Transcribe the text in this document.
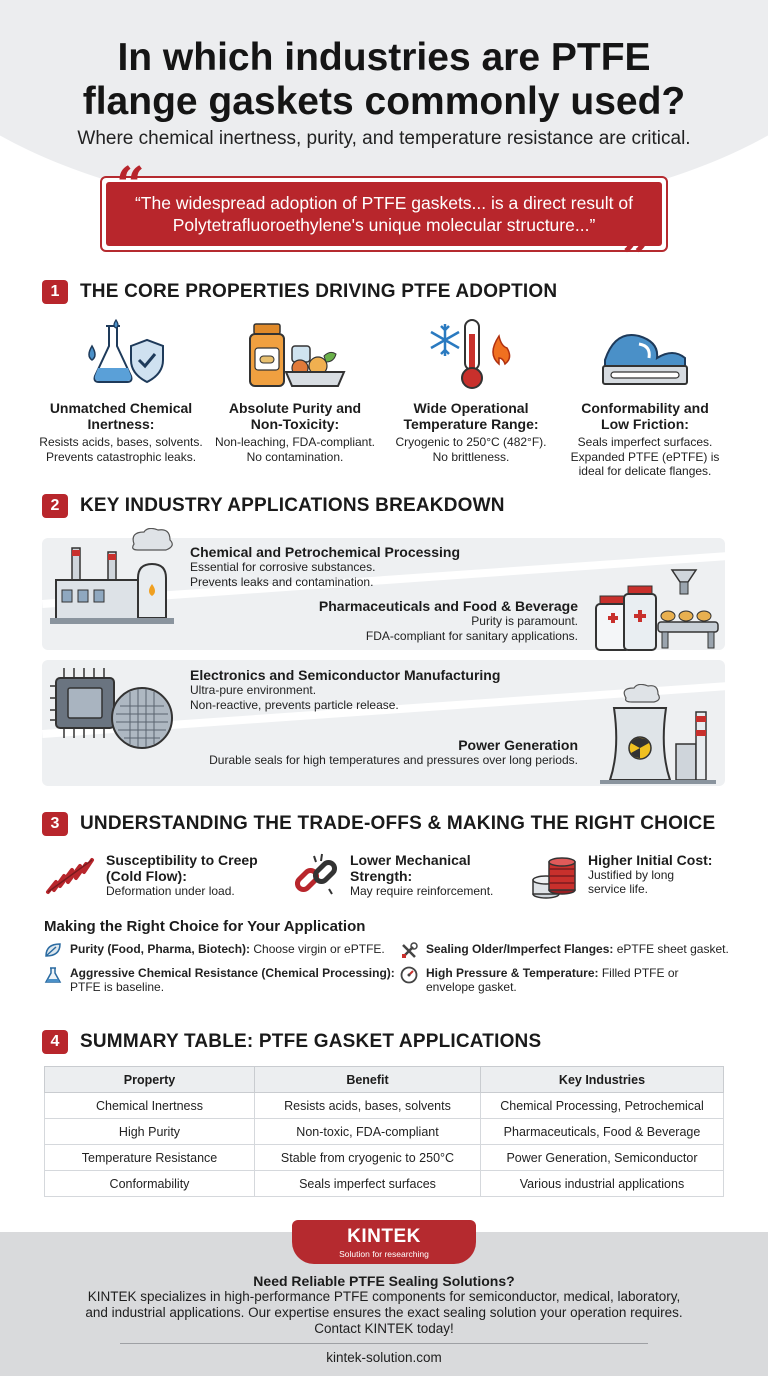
In which industries are PTFE
flange gaskets commonly used?
Where chemical inertness, purity, and temperature resistance are critical.
“The widespread adoption of PTFE gaskets... is a direct result of
Polytetrafluoroethylene's unique molecular structure...”
“
”
1	THE CORE PROPERTIES DRIVING PTFE ADOPTION
Unmatched Chemical
Inertness:
Resists acids, bases, solvents.
Prevents catastrophic leaks.
Absolute Purity and
Non-Toxicity:
Non-leaching, FDA-compliant.
No contamination.
Wide Operational
Temperature Range:
Cryogenic to 250°C (482°F).
No brittleness.
Conformability and
Low Friction:
Seals imperfect surfaces.
Expanded PTFE (ePTFE) is
ideal for delicate flanges.
2	KEY INDUSTRY APPLICATIONS BREAKDOWN
Chemical and Petrochemical Processing
Essential for corrosive substances.
Prevents leaks and contamination.
Pharmaceuticals and Food & Beverage
Purity is paramount.
FDA-compliant for sanitary applications.
Electronics and Semiconductor Manufacturing
Ultra-pure environment.
Non-reactive, prevents particle release.
Power Generation
Durable seals for high temperatures and pressures over long periods.
3	UNDERSTANDING THE TRADE-OFFS & MAKING THE RIGHT CHOICE
Susceptibility to Creep
(Cold Flow):
Deformation under load.
Lower Mechanical
Strength:
May require reinforcement.
Higher Initial Cost:
Justified by long
service life.
Making the Right Choice for Your Application
Purity (Food, Pharma, Biotech): Choose virgin or ePTFE.	Sealing Older/Imperfect Flanges: ePTFE sheet gasket.
Aggressive Chemical Resistance (Chemical Processing):
PTFE is baseline.
High Pressure & Temperature: Filled PTFE or
envelope gasket.
4	SUMMARY TABLE: PTFE GASKET APPLICATIONS
Property	Benefit	Key Industries
Chemical Inertness	Resists acids, bases, solvents	Chemical Processing, Petrochemical
High Purity	Non-toxic, FDA-compliant	Pharmaceuticals, Food & Beverage
Temperature Resistance	Stable from cryogenic to 250°C	Power Generation, Semiconductor
Conformability	Seals imperfect surfaces	Various industrial applications
KINTEK
Solution for researching
Need Reliable PTFE Sealing Solutions?
KINTEK specializes in high-performance PTFE components for semiconductor, medical, laboratory, and industrial applications. Our expertise ensures the exact sealing solution your operation requires. Contact KINTEK today!
kintek-solution.com
